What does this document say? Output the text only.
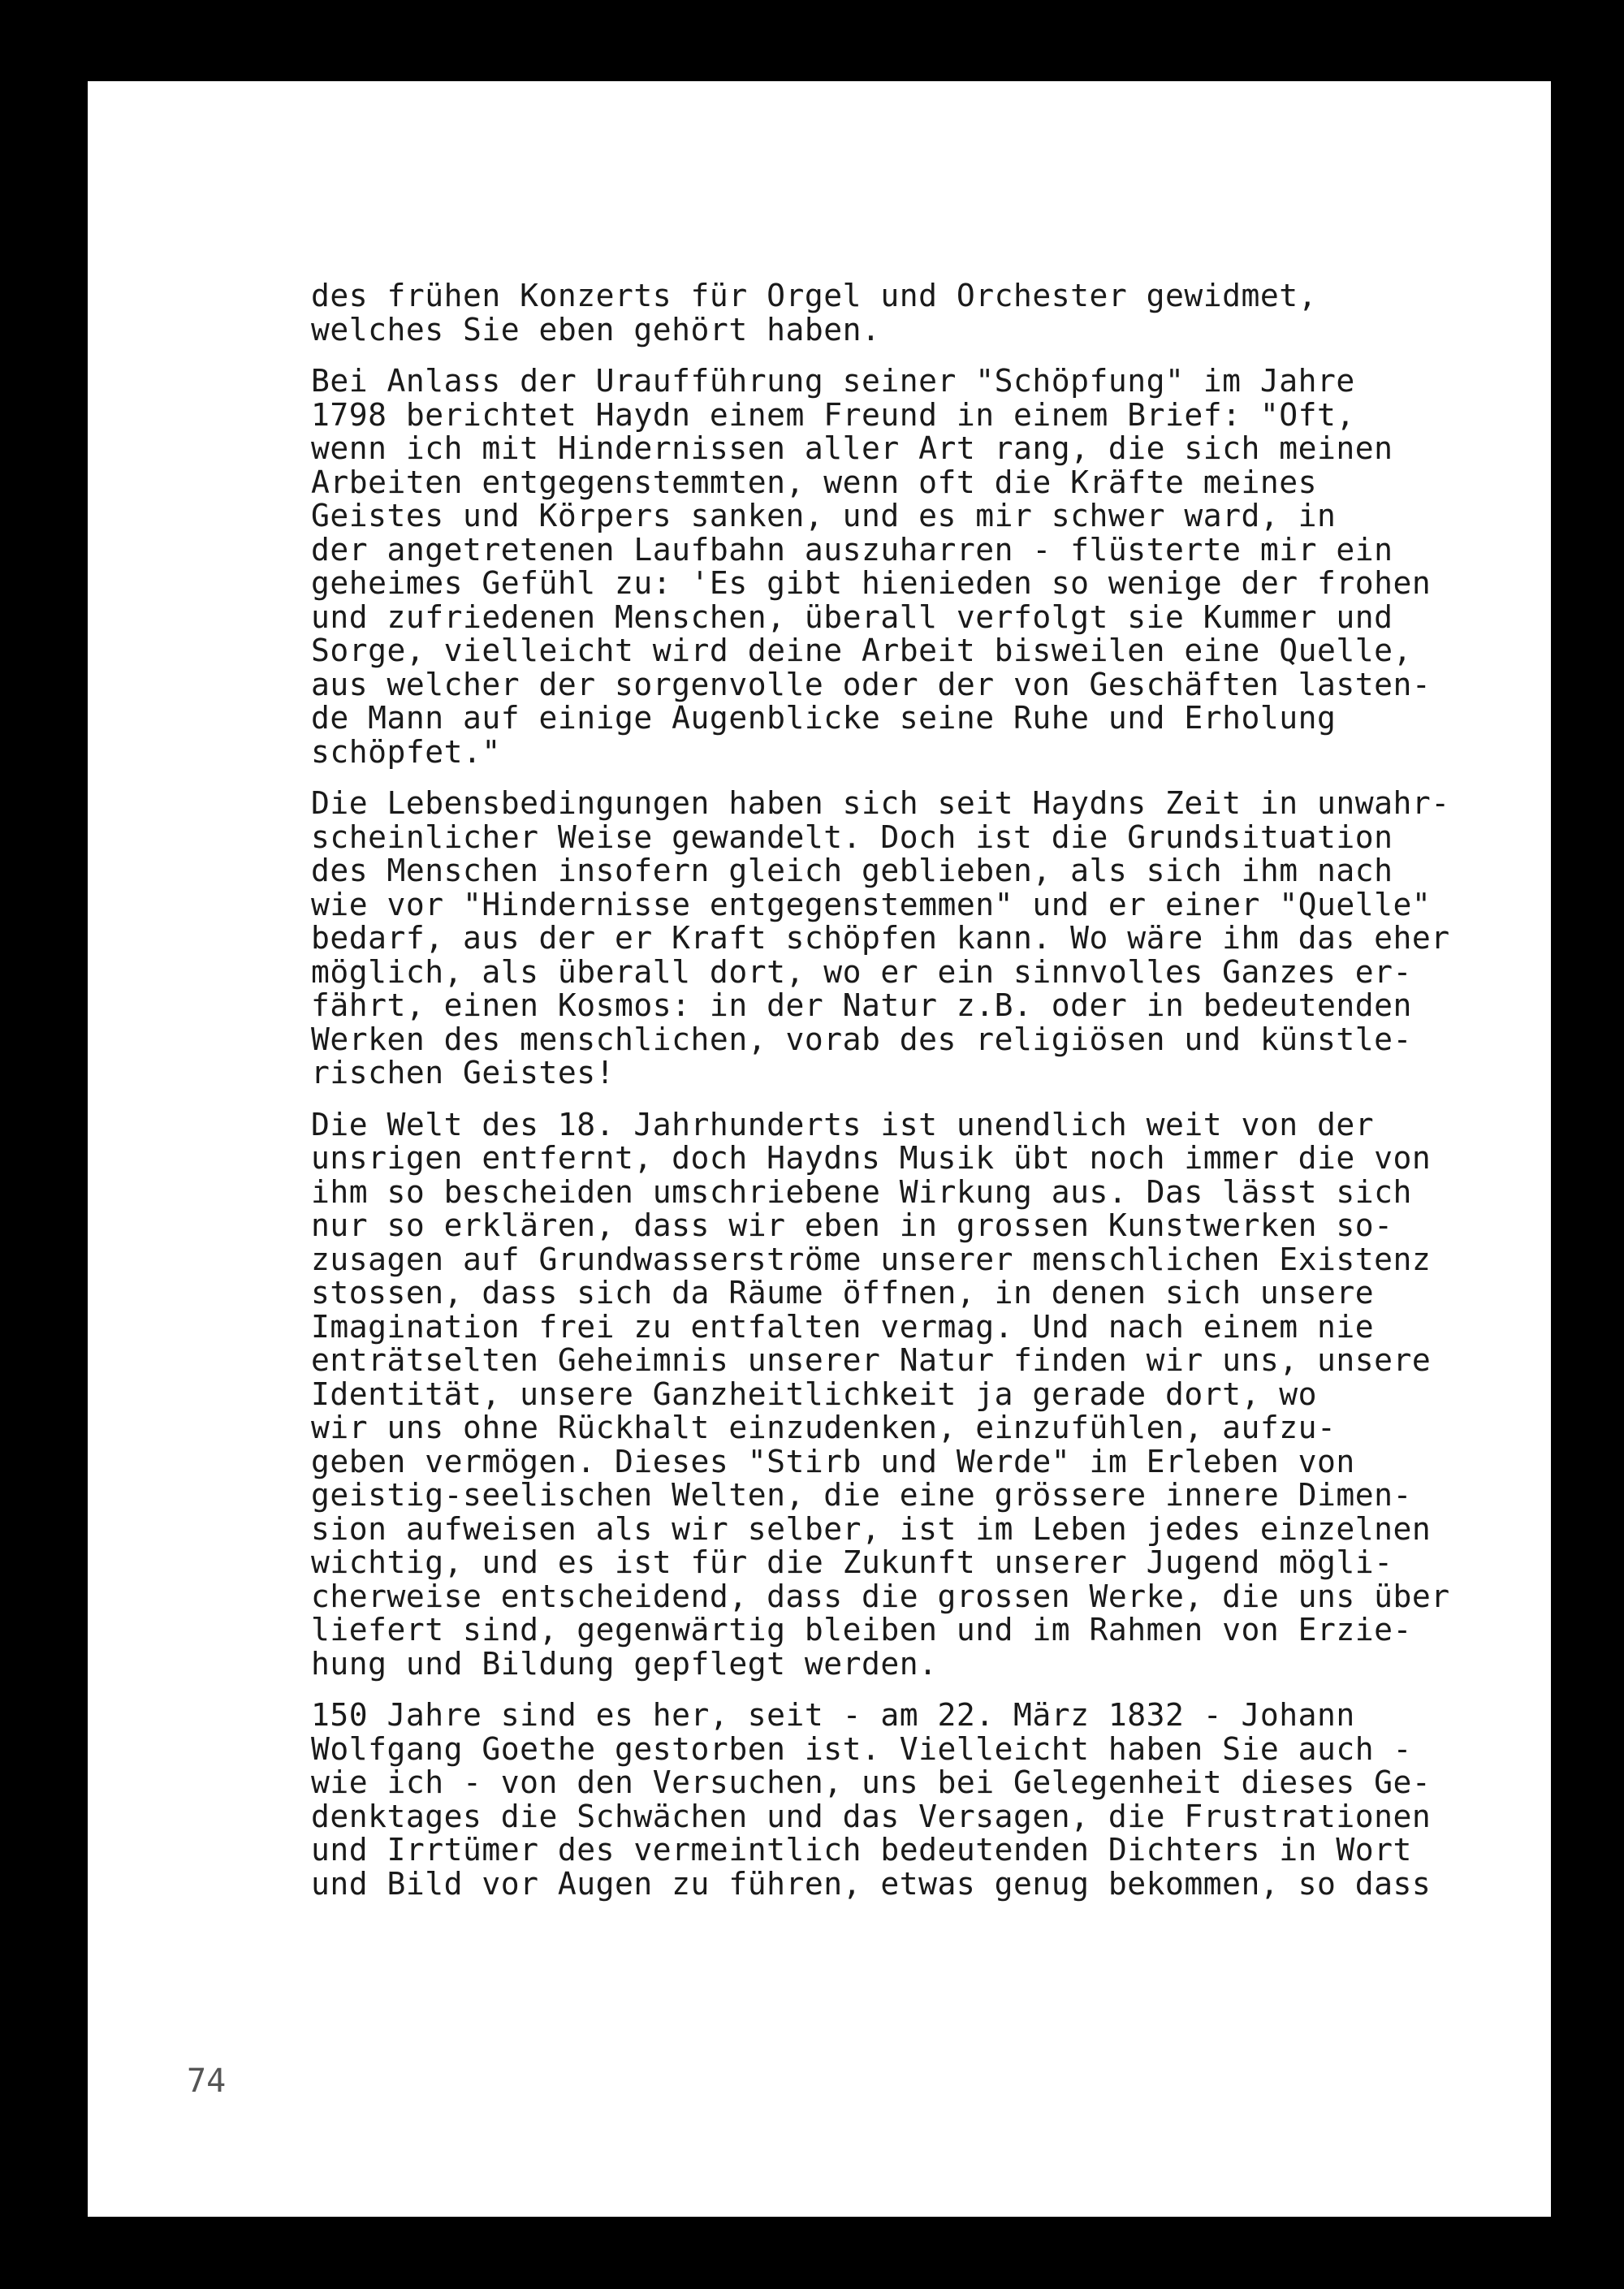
des frühen Konzerts für Orgel und Orchester gewidmet,
welches Sie eben gehört haben.
Bei Anlass der Uraufführung seiner "Schöpfung" im Jahre
1798 berichtet Haydn einem Freund in einem Brief: "Oft,
wenn ich mit Hindernissen aller Art rang, die sich meinen
Arbeiten entgegenstemmten, wenn oft die Kräfte meines
Geistes und Körpers sanken, und es mir schwer ward, in
der angetretenen Laufbahn auszuharren - flüsterte mir ein
geheimes Gefühl zu: 'Es gibt hienieden so wenige der frohen
und zufriedenen Menschen, überall verfolgt sie Kummer und
Sorge, vielleicht wird deine Arbeit bisweilen eine Quelle,
aus welcher der sorgenvolle oder der von Geschäften lasten-
de Mann auf einige Augenblicke seine Ruhe und Erholung
schöpfet."
Die Lebensbedingungen haben sich seit Haydns Zeit in unwahr-
scheinlicher Weise gewandelt. Doch ist die Grundsituation
des Menschen insofern gleich geblieben, als sich ihm nach
wie vor "Hindernisse entgegenstemmen" und er einer "Quelle"
bedarf, aus der er Kraft schöpfen kann. Wo wäre ihm das eher
möglich, als überall dort, wo er ein sinnvolles Ganzes er-
fährt, einen Kosmos: in der Natur z.B. oder in bedeutenden
Werken des menschlichen, vorab des religiösen und künstle-
rischen Geistes!
Die Welt des 18. Jahrhunderts ist unendlich weit von der
unsrigen entfernt, doch Haydns Musik übt noch immer die von
ihm so bescheiden umschriebene Wirkung aus. Das lässt sich
nur so erklären, dass wir eben in grossen Kunstwerken so-
zusagen auf Grundwasserströme unserer menschlichen Existenz
stossen, dass sich da Räume öffnen, in denen sich unsere
Imagination frei zu entfalten vermag. Und nach einem nie
enträtselten Geheimnis unserer Natur finden wir uns, unsere
Identität, unsere Ganzheitlichkeit ja gerade dort, wo
wir uns ohne Rückhalt einzudenken, einzufühlen, aufzu-
geben vermögen. Dieses "Stirb und Werde" im Erleben von
geistig-seelischen Welten, die eine grössere innere Dimen-
sion aufweisen als wir selber, ist im Leben jedes einzelnen
wichtig, und es ist für die Zukunft unserer Jugend mögli-
cherweise entscheidend, dass die grossen Werke, die uns über
liefert sind, gegenwärtig bleiben und im Rahmen von Erzie-
hung und Bildung gepflegt werden.
150 Jahre sind es her, seit - am 22. März 1832 - Johann
Wolfgang Goethe gestorben ist. Vielleicht haben Sie auch -
wie ich - von den Versuchen, uns bei Gelegenheit dieses Ge-
denktages die Schwächen und das Versagen, die Frustrationen
und Irrtümer des vermeintlich bedeutenden Dichters in Wort
und Bild vor Augen zu führen, etwas genug bekommen, so dass
74
